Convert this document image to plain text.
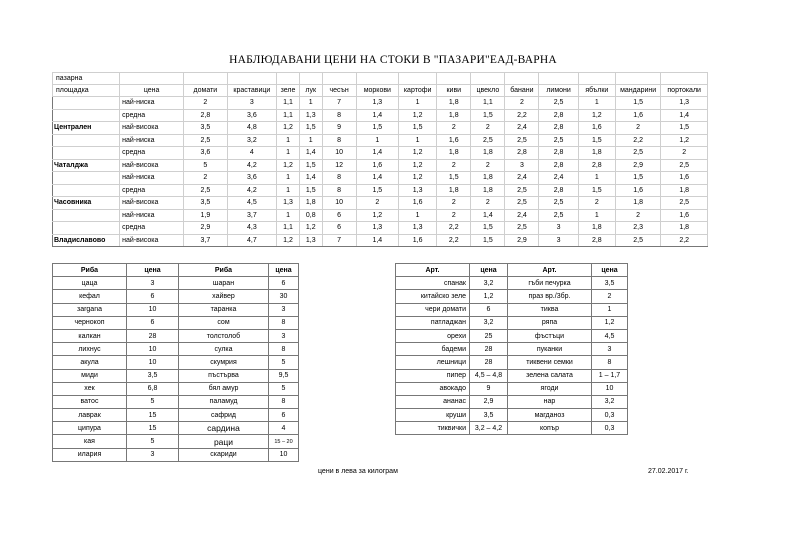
НАБЛЮДАВАНИ ЦЕНИ НА СТОКИ В "ПАЗАРИ"ЕАД-ВАРНА
пазарна															
площадка	цена	домати	краставици	зеле	лук	чесън	моркови	картофи	киви	цвекло	банани	лимони	ябълки	мандарини	портокали
	най-ниска	2	3	1,1	1	7	1,3	1	1,8	1,1	2	2,5	1	1,5	1,3
	средна	2,8	3,6	1,1	1,3	8	1,4	1,2	1,8	1,5	2,2	2,8	1,2	1,6	1,4
Централен	най-висока	3,5	4,8	1,2	1,5	9	1,5	1,5	2	2	2,4	2,8	1,6	2	1,5
	най-ниска	2,5	3,2	1	1	8	1	1	1,6	2,5	2,5	2,5	1,5	2,2	1,2
	средна	3,6	4	1	1,4	10	1,4	1,2	1,8	1,8	2,8	2,8	1,8	2,5	2
Чаталджа	най-висока	5	4,2	1,2	1,5	12	1,6	1,2	2	2	3	2,8	2,8	2,9	2,5
	най-ниска	2	3,6	1	1,4	8	1,4	1,2	1,5	1,8	2,4	2,4	1	1,5	1,6
	средна	2,5	4,2	1	1,5	8	1,5	1,3	1,8	1,8	2,5	2,8	1,5	1,6	1,8
Часовника	най-висока	3,5	4,5	1,3	1,8	10	2	1,6	2	2	2,5	2,5	2	1,8	2,5
	най-ниска	1,9	3,7	1	0,8	6	1,2	1	2	1,4	2,4	2,5	1	2	1,6
	средна	2,9	4,3	1,1	1,2	6	1,3	1,3	2,2	1,5	2,5	3	1,8	2,3	1,8
Владиславово	най-висока	3,7	4,7	1,2	1,3	7	1,4	1,6	2,2	1,5	2,9	3	2,8	2,5	2,2
Риба	цена	Риба	цена
цаца	3	шаран	6
кефал	6	хайвер	30
зargana	10	таранка	3
чернокоп	6	сом	8
калкан	28	толстолоб	3
лихнус	10	сулка	8
акула	10	скумрия	5
миди	3,5	пъстърва	9,5
хек	6,8	бял амур	5
ватос	5	паламуд	8
лаврак	15	сафрид	6
ципура	15	сардина	4
кая	5	раци	15 – 20
илария	3	скариди	10
Арт.	цена	Арт.	цена
спанак	3,2	гъби печурка	3,5
китайско зеле	1,2	праз вр./3бр.	2
чери домати	6	тиква	1
патладжан	3,2	ряпа	1,2
орехи	25	фъстъци	4,5
бадеми	28	пуканки	3
лешници	28	тиквени семки	8
пипер	4,5 – 4,8	зелена салата	1 – 1,7
авокадо	9	ягоди	10
ананас	2,9	нар	3,2
круши	3,5	магданоз	0,3
тиквички	3,2 – 4,2	копър	0,3
цени в лева за килограм	27.02.2017 г.
